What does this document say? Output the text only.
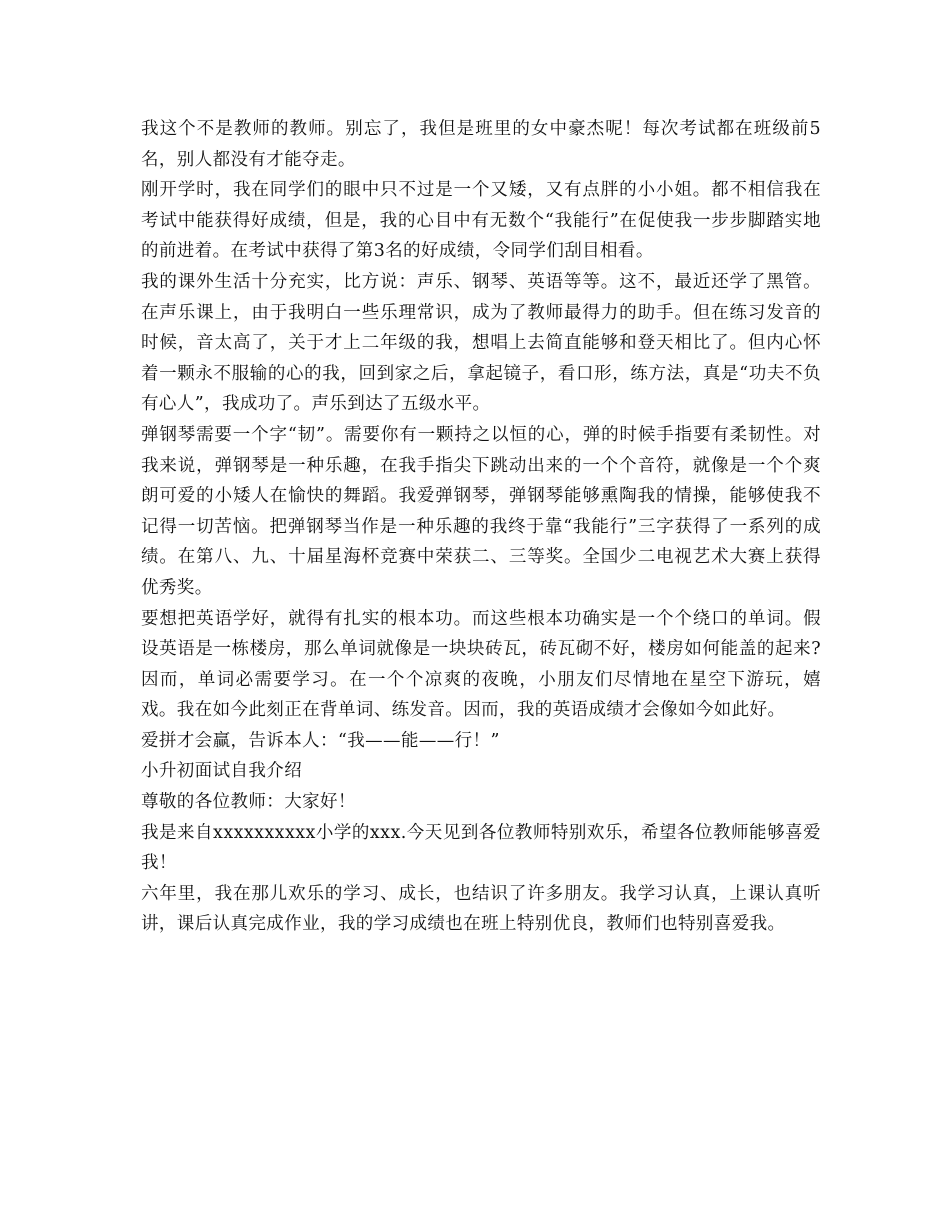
我这个不是教师的教师。别忘了，我但是班里的女中豪杰呢！每次考试都在班级前5名，别人都没有才能夺走。

刚开学时，我在同学们的眼中只不过是一个又矮，又有点胖的小小姐。都不相信我在考试中能获得好成绩，但是，我的心目中有无数个“我能行”在促使我一步步脚踏实地的前进着。在考试中获得了第3名的好成绩，令同学们刮目相看。

我的课外生活十分充实，比方说：声乐、钢琴、英语等等。这不，最近还学了黑管。在声乐课上，由于我明白一些乐理常识，成为了教师最得力的助手。但在练习发音的时候，音太高了，关于才上二年级的我，想唱上去简直能够和登天相比了。但内心怀着一颗永不服输的心的我，回到家之后，拿起镜子，看口形，练方法，真是“功夫不负有心人”，我成功了。声乐到达了五级水平。

弹钢琴需要一个字“韧”。需要你有一颗持之以恒的心，弹的时候手指要有柔韧性。对我来说，弹钢琴是一种乐趣，在我手指尖下跳动出来的一个个音符，就像是一个个爽朗可爱的小矮人在愉快的舞蹈。我爱弹钢琴，弹钢琴能够熏陶我的情操，能够使我不记得一切苦恼。把弹钢琴当作是一种乐趣的我终于靠“我能行”三字获得了一系列的成绩。在第八、九、十届星海杯竞赛中荣获二、三等奖。全国少二电视艺术大赛上获得优秀奖。

要想把英语学好，就得有扎实的根本功。而这些根本功确实是一个个绕口的单词。假设英语是一栋楼房，那么单词就像是一块块砖瓦，砖瓦砌不好，楼房如何能盖的起来?因而，单词必需要学习。在一个个凉爽的夜晚，小朋友们尽情地在星空下游玩，嬉戏。我在如今此刻正在背单词、练发音。因而，我的英语成绩才会像如今如此好。

爱拼才会赢，告诉本人：“我——能——行！”

小升初面试自我介绍

尊敬的各位教师：大家好！

我是来自xxxxxxxxxx小学的xxx.今天见到各位教师特别欢乐，希望各位教师能够喜爱我！

六年里，我在那儿欢乐的学习、成长，也结识了许多朋友。我学习认真，上课认真听讲，课后认真完成作业，我的学习成绩也在班上特别优良，教师们也特别喜爱我。
